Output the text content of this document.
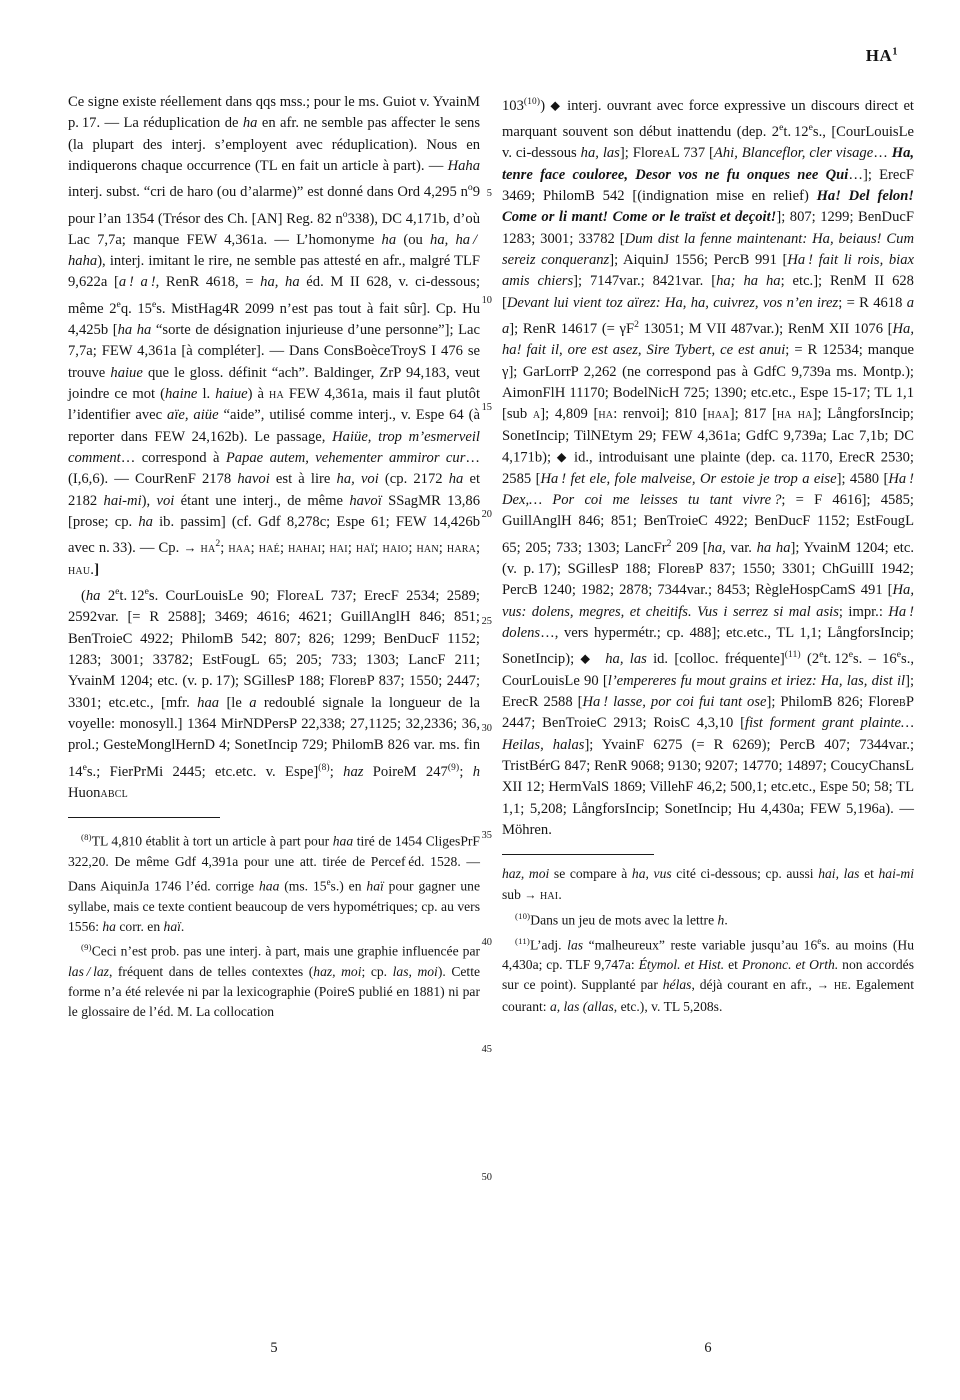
$HA^1$

Ce signe existe réellement dans qqs mss.; pour le ms. Guiot v. YvainM p. 17. — La réduplication de ha en afr. ne semble pas affecter le sens (la plupart des interj. s’employent avec réduplication). Nous en indiquerons chaque occurrence (TL en fait un article à part). — Haha interj. subst. “cri de haro (ou d’alarme)” est donné dans Ord 4,295 $n^o9$ pour l’an 1354 (Trésor des Ch. [AN] Reg. 82 $n^o338$), DC 4,171b, d’où Lac 7,7a; manque FEW 4,361a. — L’homonyme ha (ou ha, ha / haha), interj. imitant le rire, ne semble pas attesté en afr., malgré TLF 9,622a [a ! a !, RenR 4618, = ha, ha éd. M II 628, v. ci-dessous; même 2eq. 15es. MistHag4R 2099 n’est pas tout à fait sûr]. Cp. Hu 4,425b [ha ha “sorte de désignation injurieuse d’une personne”]; Lac 7,7a; FEW 4,361a [à compléter]. — Dans ConsBoèceTroyS I 476 se trouve haiue que le gloss. définit “ach”. Baldinger, ZrP 94,183, veut joindre ce mot (haine l. haiue) à ha FEW 4,361a, mais il faut plutôt l’identifier avec aïe, aiüe “aide”, utilisé comme interj., v. Espe 64 (à reporter dans FEW 24,162b). Le passage, Haiüe, trop m’esmerveil comment… correspond à Papae autem, vehementer ammiror cur… (I,6,6). — CourRenF 2178 havoi est à lire ha, voi (cp. 2172 ha et 2182 hai-mi), voi étant une interj., de même havoï SSagMR 13,86 [prose; cp. ha ib. passim] (cf. Gdf 8,278c; Espe 61; FEW 14,426b avec n. 33). — Cp. → $ha^2$; haa; haé; hahai; hai; haï; haio; han; hara; hau.]

(ha 2et. 12es. CourLouisLe 90; FloreaL 737; ErecF 2534; 2589; 2592var. [= R 2588]; 3469; 4616; 4621; GuillAnglH 846; 851; BenTroieC 4922; PhilomB 542; 807; 826; 1299; BenDucF 1152; 1283; 3001; 33782; EstFougL 65; 205; 733; 1303; LancF 211; YvainM 1204; etc. (v. p. 17); SGillesP 188; FlorebP 837; 1550; 2447; 3301; etc.etc., [mfr. haa [le a redoublé signale la longueur de la voyelle: monosyll.] 1364 MirNDPersP 22,338; 27,1125; 32,2336; 36, prol.; GesteMonglHernD 4; SonetIncip 729; PhilomB 826 var. ms. fin 14es.; FierPrMi 2445; etc.etc. v. Espe]$^{(8)}$; haz PoireM 247$^{(9)}$; h Huonabcl

$^{(8)}$TL 4,810 établit à tort un article à part pour haa tiré de 1454 CligesPrF 322,20. De même Gdf 4,391a pour une att. tirée de Percef éd. 1528. — Dans AiquinJa 1746 l’éd. corrige haa (ms. 15es.) en haï pour gagner une syllabe, mais ce texte contient beaucoup de vers hypométriques; cp. au vers 1556: ha corr. en haï.

$^{(9)}$Ceci n’est prob. pas une interj. à part, mais une graphie influencée par las / laz, fréquent dans de telles contextes (haz, moi; cp. las, moi). Cette forme n’a été relevée ni par la lexicographie (PoireS publié en 1881) ni par le glossaire de l’éd. M. La collocation

103$^{(10)}$) ◆ interj. ouvrant avec force expressive un discours direct et marquant souvent son début inattendu (dep. 2et. 12es., [CourLouisLe v. ci-dessous ha, las]; FloreaL 737 [Ahi, Blanceflor, cler visage… Ha, tenre face couloree, Desor vos ne fu onques nee Qui…]; ErecF 3469; PhilomB 542 [(indignation mise en relief) Ha! Del felon! Come or li mant! Come or le traïst et deçoit!]; 807; 1299; BenDucF 1283; 3001; 33782 [Dum dist la fenne maintenant: Ha, beiaus! Cum sereiz conqueranz]; AiquinJ 1556; PercB 991 [Ha ! fait li rois, biax amis chiers]; 7147var.; 8421var. [ha; ha ha; etc.]; RenM II 628 [Devant lui vient toz aïrez: Ha, ha, cuivrez, vos n’en irez; = R 4618 a a]; RenR 14617 (= $\gamma F^2$ 13051; M VII 487var.); RenM XII 1076 [Ha, ha! fait il, ore est asez, Sire Tybert, ce est anui; = R 12534; manque γ]; GarLorrP 2,262 (ne correspond pas à GdfC 9,739a ms. Montp.); AimonFlH 11170; BodelNicH 725; 1390; etc.etc., Espe 15-17; TL 1,1 [sub a]; 4,809 [ha: renvoi]; 810 [haa]; 817 [ha ha]; LångforsIncip; SonetIncip; TilNEtym 29; FEW 4,361a; GdfC 9,739a; Lac 7,1b; DC 4,171b); ◆ id., introduisant une plainte (dep. ca. 1170, ErecR 2530; 2585 [Ha ! fet ele, fole malveise, Or estoie je trop a eise]; 4580 [Ha ! Dex,… Por coi me leisses tu tant vivre ?; = F 4616]; 4585; GuillAnglH 846; 851; BenTroieC 4922; BenDucF 1152; EstFougL 65; 205; 733; 1303; LancFr$^2$ 209 [ha, var. ha ha]; YvainM 1204; etc. (v. p. 17); SGillesP 188; FlorebP 837; 1550; 3301; ChGuillI 1942; PercB 1240; 1982; 2878; 7344var.; 8453; RègleHospCamS 491 [Ha, vus: dolens, megres, et cheitifs. Vus i serrez si mal asis; impr.: Ha ! dolens…, vers hypermétr.; cp. 488]; etc.etc., TL 1,1; LångforsIncip; SonetIncip); ◆ ha, las id. [colloc. fréquente]$^{(11)}$ (2et. 12es. – 16es., CourLouisLe 90 [l’empereres fu mout grains et iriez: Ha, las, dist il]; ErecR 2588 [Ha ! lasse, por coi fui tant ose]; PhilomB 826; FlorebP 2447; BenTroieC 2913; RoisC 4,3,10 [fist forment grant plainte… Heilas, halas]; YvainF 6275 (= R 6269); PercB 407; 7344var.; TristBérG 847; RenR 9068; 9130; 9207; 14770; 14897; CoucyChansL XII 12; HermValS 1869; VillehF 46,2; 500,1; etc.etc., Espe 50; 58; TL 1,1; 5,208; LångforsIncip; SonetIncip; Hu 4,430a; FEW 5,196a). — Möhren.

haz, moi se compare à ha, vus cité ci-dessous; cp. aussi hai, las et hai-mi sub → hai.

$^{(10)}$Dans un jeu de mots avec la lettre h.

$^{(11)}$L’adj. las “malheureux” reste variable jusqu’au 16es. au moins (Hu 4,430a; cp. TLF 9,747a: Étymol. et Hist. et Prononc. et Orth. non accordés sur ce point). Supplanté par hélas, déjà courant en afr., → he. Egalement courant: a, las (allas, etc.), v. TL 5,208s.

5
10
15
20
25
30
35
40
45
50
5	6
